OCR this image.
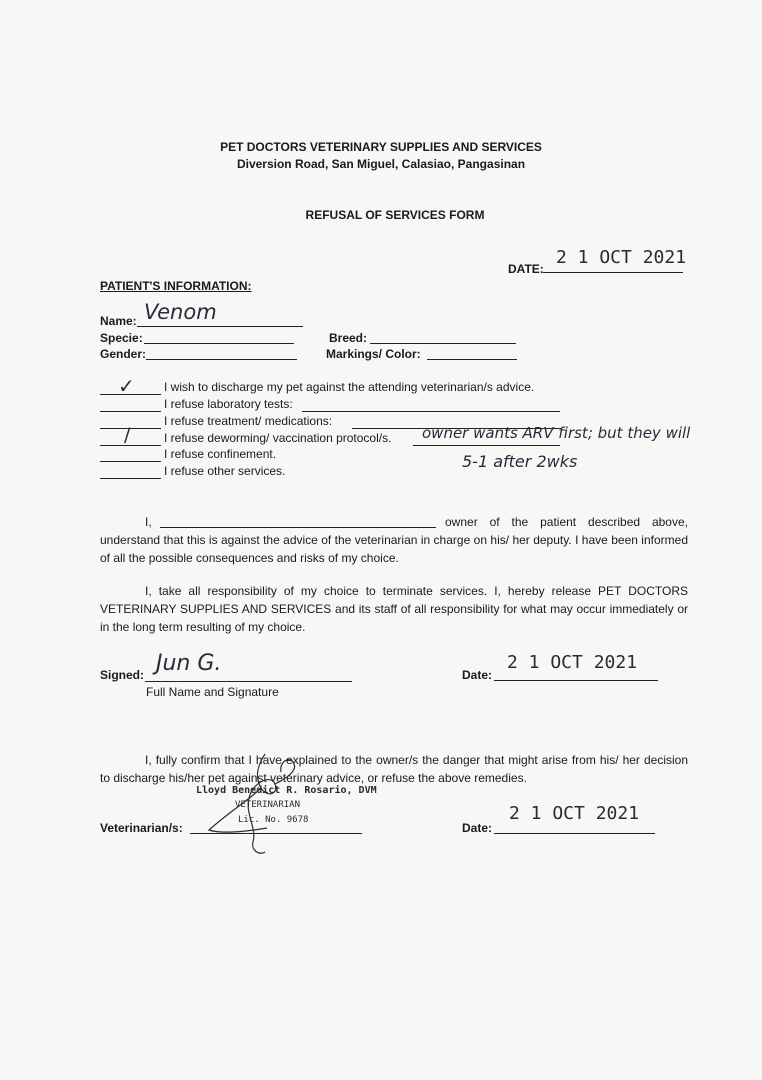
PET DOCTORS VETERINARY SUPPLIES AND SERVICES
Diversion Road, San Miguel, Calasiao, Pangasinan
REFUSAL OF SERVICES FORM
DATE:
2 1 OCT 2021
PATIENT'S INFORMATION:
Name: Venom
Specie:	Breed:
Gender:	Markings/ Color:
✓ I wish to discharge my pet against the attending veterinarian/s advice.
I refuse laboratory tests:
I refuse treatment/ medications:
/	I refuse deworming/ vaccination protocol/s. owner wants ARV first; but they will
5-1 after 2wks
I refuse confinement.
I refuse other services.
I,	owner of the patient described above,
understand that this is against the advice of the veterinarian in charge on his/ her deputy. I have been informed of all the possible consequences and risks of my choice.
I, take all responsibility of my choice to terminate services. I, hereby release PET DOCTORS VETERINARY SUPPLIES AND SERVICES and its staff of all responsibility for what may occur immediately or in the long term resulting of my choice.
Signed: Jun G.
Full Name and Signature
Date:
2 1 OCT 2021
I, fully confirm that I have explained to the owner/s the danger that might arise from his/ her decision to discharge his/her pet against veterinary advice, or refuse the above remedies.
Veterinarian/s:
Lloyd Benedict R. Rosario, DVM
VETERINARIAN
Lic. No. 9678
Date:
2 1 OCT 2021
